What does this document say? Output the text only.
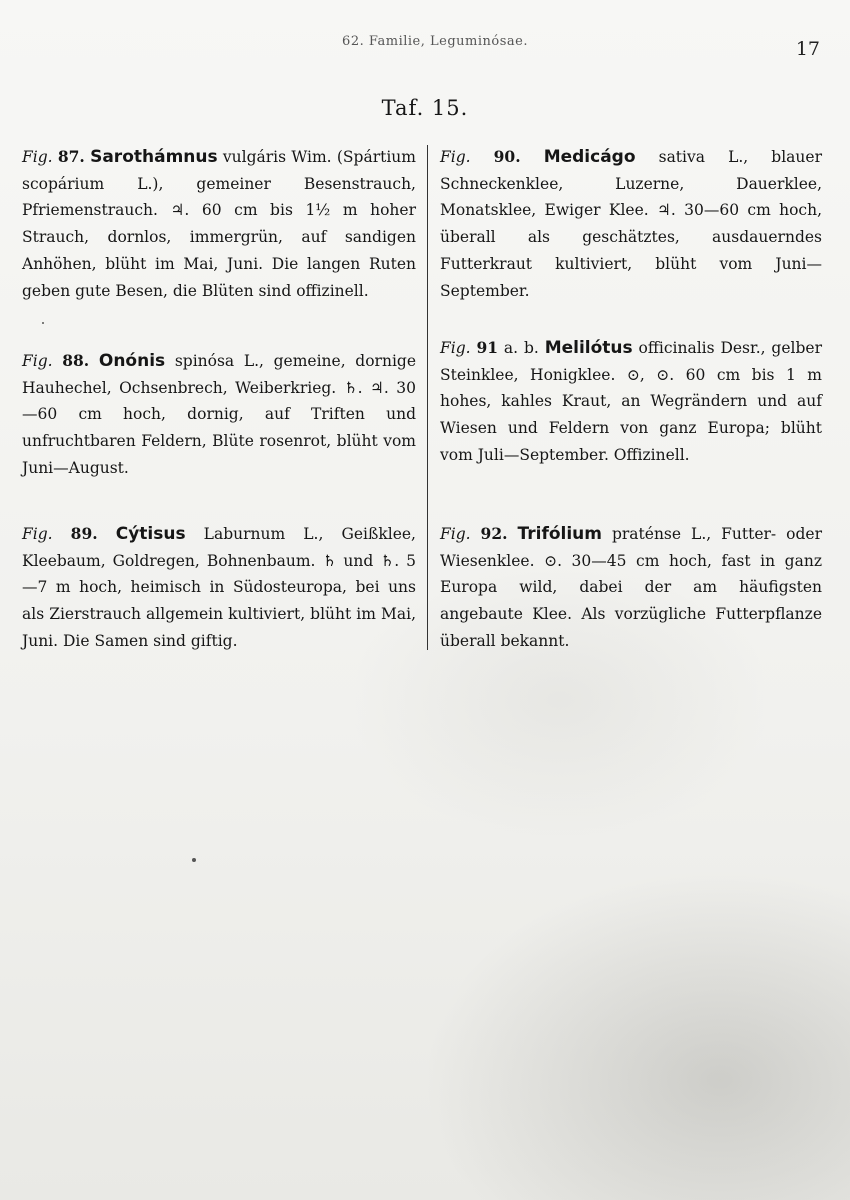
62. Familie, Leguminósae.	17
Taf. 15.
Fig. 87. Sarothámnus vulgáris Wim. (Spártium scopárium L.), gemeiner Besenstrauch, Pfriemenstrauch. ♃. 60 cm bis 1½ m hoher Strauch, dornlos, immergrün, auf sandigen Anhöhen, blüht im Mai, Juni. Die langen Ruten geben gute Besen, die Blüten sind offizinell.
Fig. 88. Onónis spinósa L., gemeine, dornige Hauhechel, Ochsenbrech, Weiberkrieg. ♄. ♃. 30—60 cm hoch, dornig, auf Triften und unfruchtbaren Feldern, Blüte rosenrot, blüht vom Juni—August.
Fig. 89. Cýtisus Laburnum L., Geißklee, Kleebaum, Goldregen, Bohnenbaum. ♄ und ♄. 5—7 m hoch, heimisch in Südosteuropa, bei uns als Zierstrauch allgemein kultiviert, blüht im Mai, Juni. Die Samen sind giftig.
Fig. 90. Medicágo sativa L., blauer Schneckenklee, Luzerne, Dauerklee, Monatsklee, Ewiger Klee. ♃. 30—60 cm hoch, überall als geschätztes, ausdauerndes Futterkraut kultiviert, blüht vom Juni—September.
Fig. 91 a. b. Melilótus officinalis Desr., gelber Steinklee, Honigklee. ⊙, ⊙. 60 cm bis 1 m hohes, kahles Kraut, an Wegrändern und auf Wiesen und Feldern von ganz Europa; blüht vom Juli—September. Offizinell.
Fig. 92. Trifólium praténse L., Futter- oder Wiesenklee. ⊙. 30—45 cm hoch, fast in ganz Europa wild, dabei der am häufigsten angebaute Klee. Als vorzügliche Futterpflanze überall bekannt.
